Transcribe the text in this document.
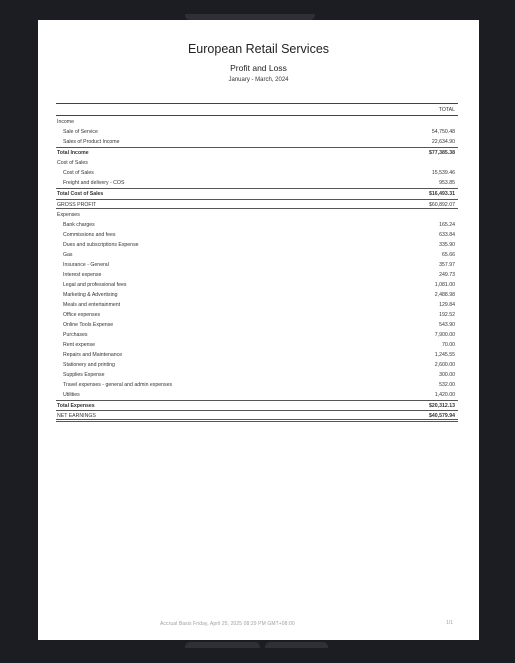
European Retail Services
Profit and Loss
January - March, 2024
TOTAL
Income
Sale of Service	54,750.48
Sales of Product Income	22,634.90
Total Income	$77,385.38
Cost of Sales
Cost of Sales	15,539.46
Freight and delivery - COS	953.85
Total Cost of Sales	$16,493.31
GROSS PROFIT	$60,892.07
Expenses
Bank charges	165.24
Commissions and fees	633.84
Dues and subscriptions Expense	335.90
Gas	65.66
Insurance - General	357.97
Interest expense	249.73
Legal and professional fees	1,081.00
Marketing & Advertising	2,488.98
Meals and entertainment	129.84
Office expenses	192.52
Online Tools Expense	543.90
Purchases	7,900.00
Rent expense	70.00
Repairs and Maintenance	1,245.55
Stationery and printing	2,600.00
Supplies Expense	300.00
Travel expenses - general and admin expenses	532.00
Utilities	1,420.00
Total Expenses	$20,312.13
NET EARNINGS	$40,579.94
Accrual Basis Friday, April 25, 2025 08:29 PM GMT+08:00	1/1
